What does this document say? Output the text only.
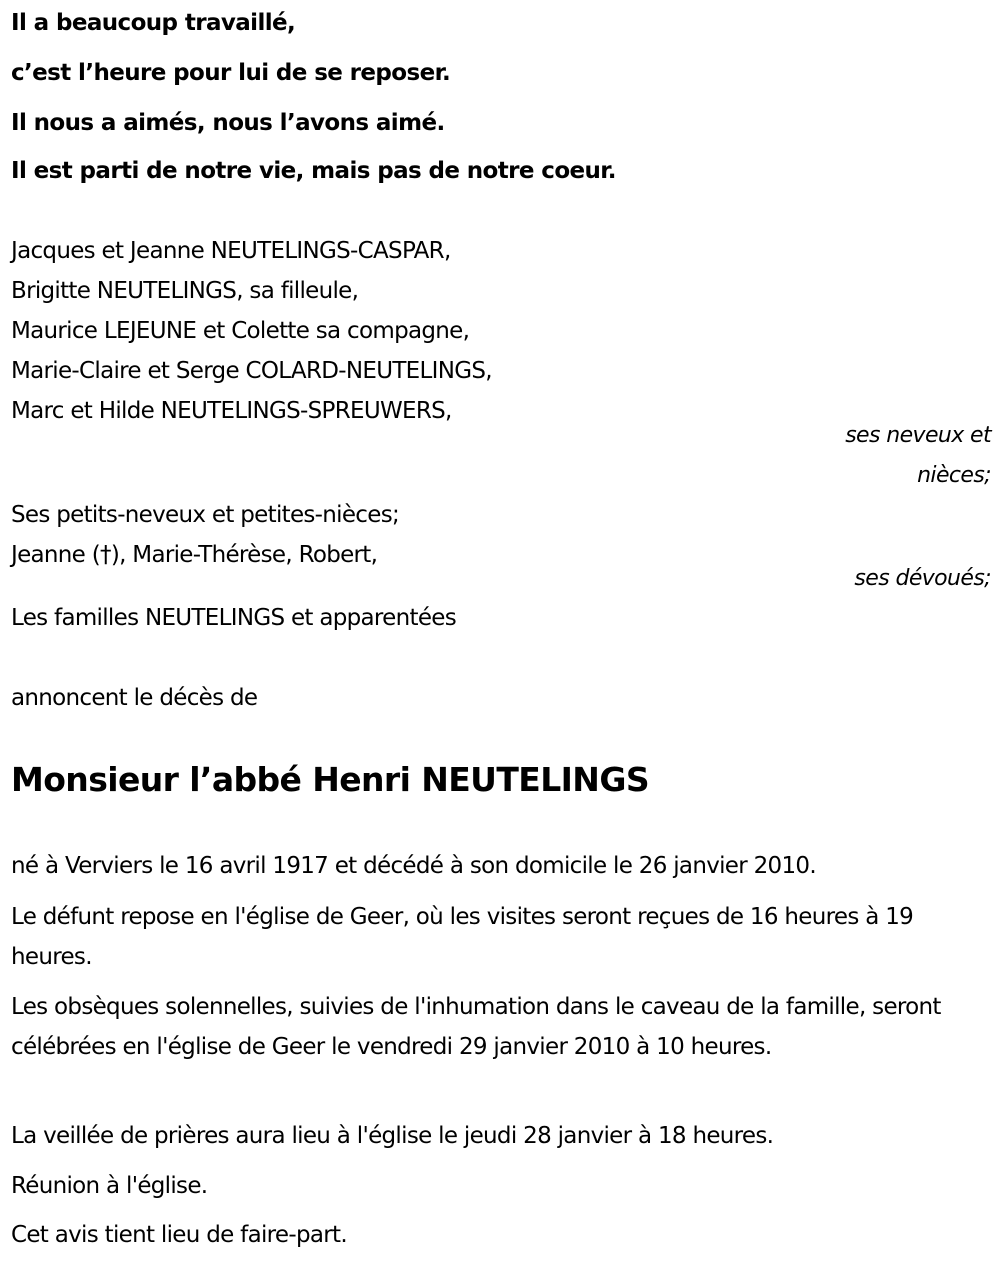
Il a beaucoup travaillé,
c’est l’heure pour lui de se reposer.
Il nous a aimés, nous l’avons aimé.
Il est parti de notre vie, mais pas de notre coeur.
Jacques et Jeanne NEUTELINGS-CASPAR,
Brigitte NEUTELINGS, sa filleule,
Maurice LEJEUNE et Colette sa compagne,
Marie-Claire et Serge COLARD-NEUTELINGS,
Marc et Hilde NEUTELINGS-SPREUWERS,
ses neveux et
nièces;
Ses petits-neveux et petites-nièces;
Jeanne (†), Marie-Thérèse, Robert,
ses dévoués;
Les familles NEUTELINGS et apparentées
annoncent le décès de
Monsieur l’abbé Henri NEUTELINGS
né à Verviers le 16 avril 1917 et décédé à son domicile le 26 janvier 2010.
Le défunt repose en l'église de Geer, où les visites seront reçues de 16 heures à 19 heures.
Les obsèques solennelles, suivies de l'inhumation dans le caveau de la famille, seront célébrées en l'église de Geer le vendredi 29 janvier 2010 à 10 heures.
La veillée de prières aura lieu à l'église le jeudi 28 janvier à 18 heures.
Réunion à l'église.
Cet avis tient lieu de faire-part.
